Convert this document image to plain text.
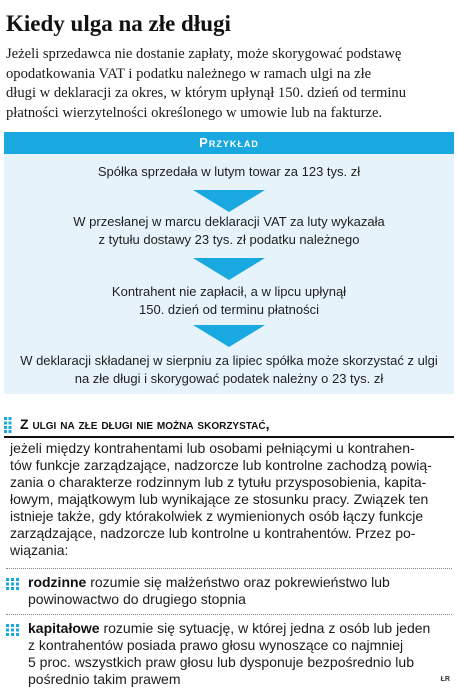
Kiedy ulga na złe długi
Jeżeli sprzedawca nie dostanie zapłaty, może skorygować podstawę
opodatkowania VAT i podatku należnego w ramach ulgi na złe
długi w deklaracji za okres, w którym upłynął 150. dzień od terminu
płatności wierzytelności określonego w umowie lub na fakturze.
Przykład
Spółka sprzedała w lutym towar za 123 tys. zł
W przesłanej w marcu deklaracji VAT za luty wykazała
z tytułu dostawy 23 tys. zł podatku należnego
Kontrahent nie zapłacił, a w lipcu upłynął
150. dzień od terminu płatności
W deklaracji składanej w sierpniu za lipiec spółka może skorzystać z ulgi
na złe długi i skorygować podatek należny o 23 tys. zł
Z ulgi na złe długi nie można skorzystać,
jeżeli między kontrahentami lub osobami pełniącymi u kontrahen-
tów funkcje zarządzające, nadzorcze lub kontrolne zachodzą powią-
zania o charakterze rodzinnym lub z tytułu przysposobienia, kapita-
łowym, majątkowym lub wynikające ze stosunku pracy. Związek ten
istnieje także, gdy którakolwiek z wymienionych osób łączy funkcje
zarządzające, nadzorcze lub kontrolne u kontrahentów. Przez po-
wiązania:
rodzinne rozumie się małżeństwo oraz pokrewieństwo lub
powinowactwo do drugiego stopnia
kapitałowe rozumie się sytuację, w której jedna z osób lub jeden
z kontrahentów posiada prawo głosu wynoszące co najmniej
5 proc. wszystkich praw głosu lub dysponuje bezpośrednio lub
pośrednio takim prawem	ŁR
